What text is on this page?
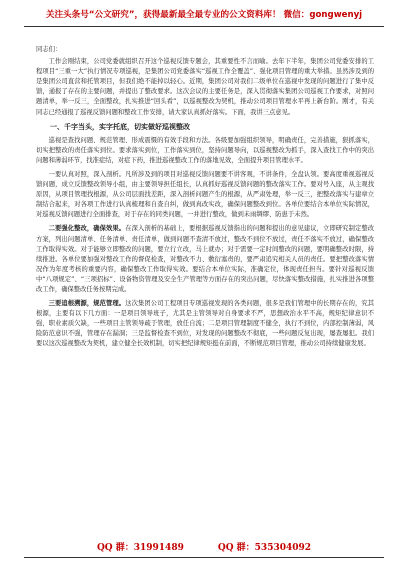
关注头条号“公文研究”，获得最新最全最专业的公文资料库！ 微信：gongwenyj

同志们：

工作会刚结束，公司党委就组织召开这个巡视反馈专题会，其重要性不言而喻。去年下半年，集团公司党委安排的工程项目“三重一大”执行情况专项巡视，是集团公司党委落实“巡视工作全覆盖”、强化项目管理的重大举措。虽然涉及到的是集团公司直营和托管项目，但我们绝不能掉以轻心。近期，集团公司对我们二级单位在巡视中发现的问题进行了集中反馈，通报了存在的主要问题，并提出了整改要求。这次会议的主要任务是，深入贯彻落实集团公司巡视工作要求，对照问题清单，举一反三，全面整改，扎实推进“回头看”，以巡视整改为契机，推动公司项目管理水平再上新台阶。刚才，有关同志已经通报了巡视反馈问题和整改工作安排，请大家认真抓好落实。下面，我讲三点意见。

一、千字当头，实字托底，切实做好巡视整改

巡视是查找问题、规范管理、形成震慑的有效手段和方法。各级要加强组织领导，明确责任，完善措施，狠抓落实，切实把整改的责任落实到位。要求落实到位，工作落实到位，坚持问题导向，以巡视整改为抓手，深入查找工作中的突出问题和薄弱环节，找准症结，对症下药，推进巡视整改工作的落地见效，全面提升项目管理水平。

一要认真对照，深入剖析。凡所涉及到的项目对巡视反馈问题要不讲客观，不讲条件，全盘认领。要高度重视巡视反馈问题，成立反馈整改领导小组，由主要领导担任组长，认真抓好巡视反馈问题的整改落实工作。要对号入座，从主观找原因，从项目管理找根源，从公司层面找差距，深入剖析问题产生的根源，从严肃处理，举一反三，把整改落实与建章立制结合起来，对各项工作进行认真梳理和自查自纠，做到真改实改，确保问题整改到位。各单位要结合本单位实际情况，对巡视反馈问题进行全面排查，对于存在的同类问题，一并进行整改，做到未雨绸缪、防患于未然。

二要强化整改，确保效果。在深入剖析的基础上，要根据巡视反馈指出的问题和提出的意见建议，立即研究制定整改方案，列出问题清单、任务清单、责任清单，做到问题不查清不放过，整改不到位不放过，责任不落实不放过，确保整改工作取得实效。对于能够立即整改的问题，要立行立改，马上就办；对于需要一定时间整改的问题，要明确整改时限，持续推进。各单位要加强对整改工作的督促检查，对整改不力、敷衍塞责的，要严肃追究相关人员的责任。要把整改落实情况作为年度考核的重要内容，确保整改工作取得实效。要结合本单位实际，准确定位，体现责任担当。要针对巡视反馈中“八项规定”、“三项招标”、设备物资管理及安全生产管理等方面存在的突出问题，尽快落实整改措施，扎实推进各项整改工作，确保整改任务按期完成。

三要追根溯源，规范管理。这次集团公司工程项目专项巡视发现的各类问题，很多是我们管理中的长期存在的，究其根源，主要有以下几方面：一是项目领导班子，尤其是主管领导对自身要求不严，思想政治水平不高，规矩纪律意识不强，职业素质欠缺，一些项目主管领导疏于管理，放任自流；二是项目管理制度不健全，执行不到位，内部控制薄弱，风险防范意识不强，管理存在漏洞；三是监督检查不到位，对发现的问题整改不彻底，一些问题反复出现，屡查屡犯。我们要以这次巡视整改为契机，建立健全长效机制，切实把纪律规矩挺在前面，不断规范项目管理，推动公司持续健康发展。

QQ 群：31991489	QQ 群：535304092
